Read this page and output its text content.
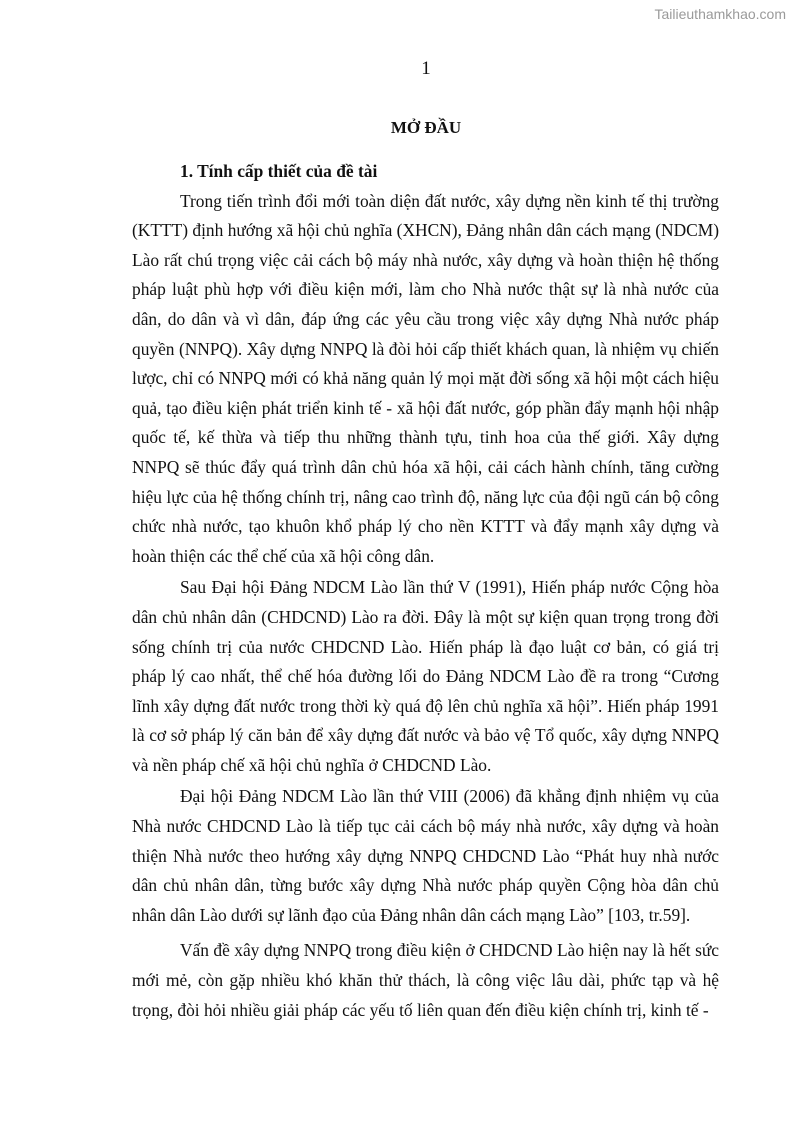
Tailieuthamkhao.com
1
MỞ ĐẦU
1. Tính cấp thiết của đề tài

Trong tiến trình đổi mới toàn diện đất nước, xây dựng nền kinh tế thị trường (KTTT) định hướng xã hội chủ nghĩa (XHCN), Đảng nhân dân cách mạng (NDCM) Lào rất chú trọng việc cải cách bộ máy nhà nước, xây dựng và hoàn thiện hệ thống pháp luật phù hợp với điều kiện mới, làm cho Nhà nước thật sự là nhà nước của dân, do dân và vì dân, đáp ứng các yêu cầu trong việc xây dựng Nhà nước pháp quyền (NNPQ). Xây dựng NNPQ là đòi hỏi cấp thiết khách quan, là nhiệm vụ chiến lược, chỉ có NNPQ mới có khả năng quản lý mọi mặt đời sống xã hội một cách hiệu quả, tạo điều kiện phát triển kinh tế - xã hội đất nước, góp phần đẩy mạnh hội nhập quốc tế, kế thừa và tiếp thu những thành tựu, tinh hoa của thế giới. Xây dựng NNPQ sẽ thúc đẩy quá trình dân chủ hóa xã hội, cải cách hành chính, tăng cường hiệu lực của hệ thống chính trị, nâng cao trình độ, năng lực của đội ngũ cán bộ công chức nhà nước, tạo khuôn khổ pháp lý cho nền KTTT và đẩy mạnh xây dựng và hoàn thiện các thể chế của xã hội công dân.

Sau Đại hội Đảng NDCM Lào lần thứ V (1991), Hiến pháp nước Cộng hòa dân chủ nhân dân (CHDCND) Lào ra đời. Đây là một sự kiện quan trọng trong đời sống chính trị của nước CHDCND Lào. Hiến pháp là đạo luật cơ bản, có giá trị pháp lý cao nhất, thể chế hóa đường lối do Đảng NDCM Lào đề ra trong “Cương lĩnh xây dựng đất nước trong thời kỳ quá độ lên chủ nghĩa xã hội”. Hiến pháp 1991 là cơ sở pháp lý căn bản để xây dựng đất nước và bảo vệ Tổ quốc, xây dựng NNPQ và nền pháp chế xã hội chủ nghĩa ở CHDCND Lào.

Đại hội Đảng NDCM Lào lần thứ VIII (2006) đã khẳng định nhiệm vụ của Nhà nước CHDCND Lào là tiếp tục cải cách bộ máy nhà nước, xây dựng và hoàn thiện Nhà nước theo hướng xây dựng NNPQ CHDCND Lào “Phát huy nhà nước dân chủ nhân dân, từng bước xây dựng Nhà nước pháp quyền Cộng hòa dân chủ nhân dân Lào dưới sự lãnh đạo của Đảng nhân dân cách mạng Lào” [103, tr.59].

Vấn đề xây dựng NNPQ trong điều kiện ở CHDCND Lào hiện nay là hết sức mới mẻ, còn gặp nhiều khó khăn thử thách, là công việc lâu dài, phức tạp và hệ trọng, đòi hỏi nhiều giải pháp các yếu tố liên quan đến điều kiện chính trị, kinh tế -
